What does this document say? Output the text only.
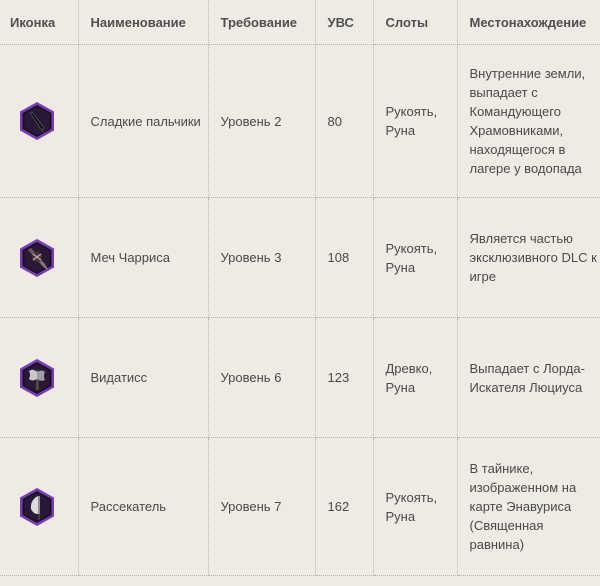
Иконка	Наименование	Требование	УВС	Слоты	Местонахождение

	Сладкие пальчики	Уровень 2	80	Рукоять, Руна	Внутренние земли, выпадает с Командующего Храмовниками, находящегося в лагере у водопада

	Меч Чарриса	Уровень 3	108	Рукоять, Руна	Является частью эксклюзивного DLC к игре

	Видатисс	Уровень 6	123	Древко, Руна	Выпадает с Лорда-Искателя Люциуса

	Рассекатель	Уровень 7	162	Рукоять, Руна	В тайнике, изображенном на карте Энавуриса (Священная равнина)
